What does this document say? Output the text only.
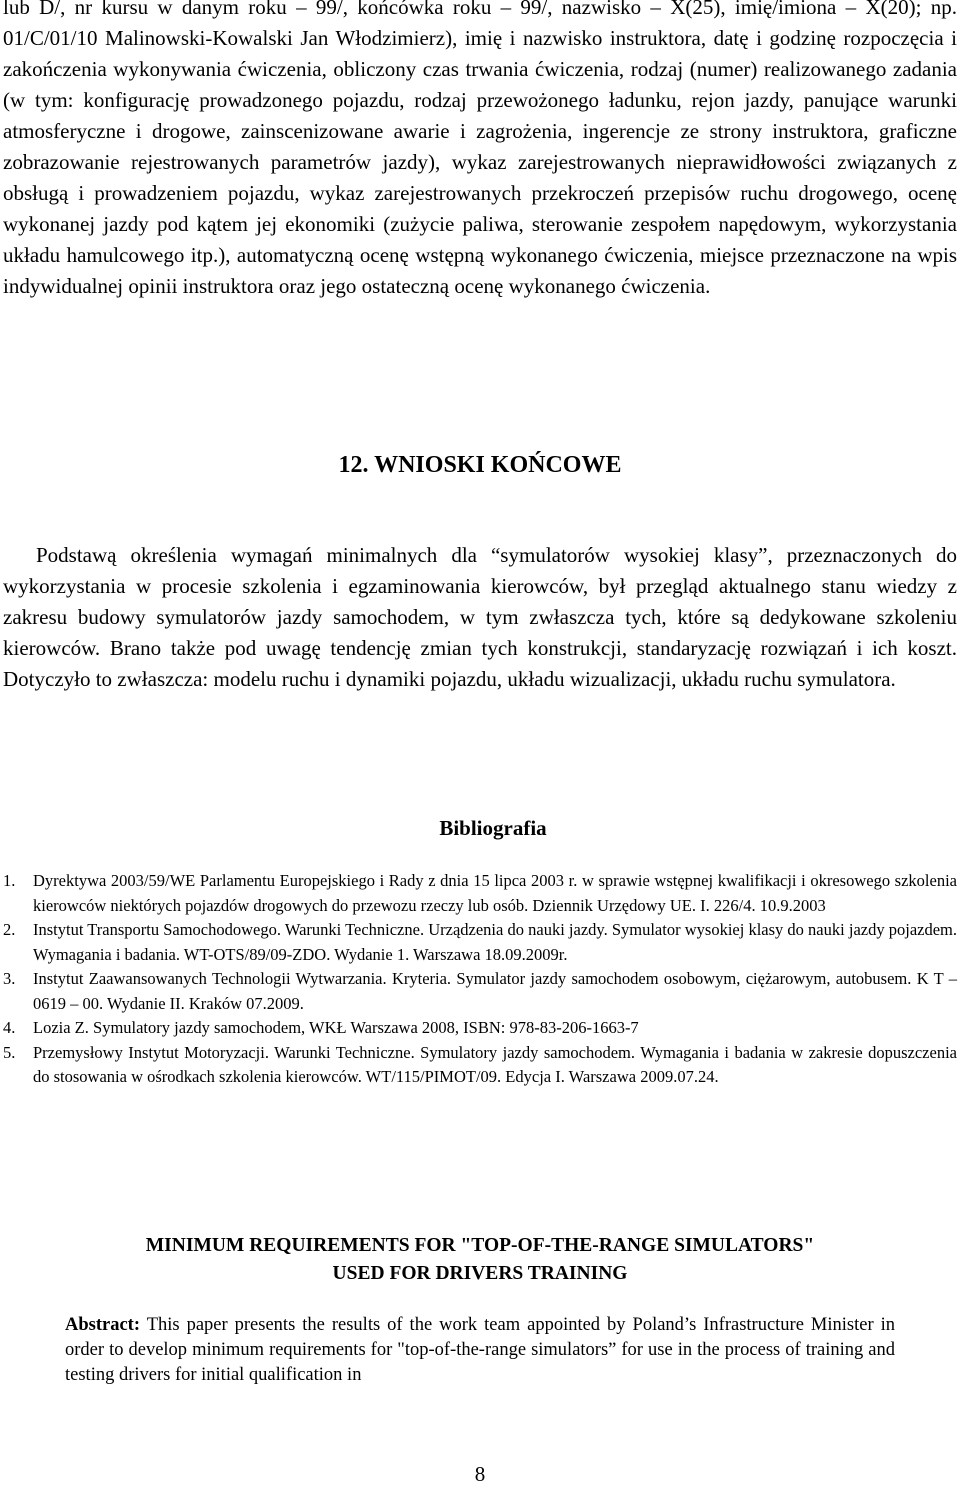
lub D/, nr kursu w danym roku – 99/, końcówka roku – 99/, nazwisko – X(25), imię/imiona – X(20); np. 01/C/01/10 Malinowski-Kowalski Jan Włodzimierz), imię i nazwisko instruktora, datę i godzinę rozpoczęcia i zakończenia wykonywania ćwiczenia, obliczony czas trwania ćwiczenia, rodzaj (numer) realizowanego zadania (w tym: konfigurację prowadzonego pojazdu, rodzaj przewożonego ładunku, rejon jazdy, panujące warunki atmosferyczne i drogowe, zainscenizowane awarie i zagrożenia, ingerencje ze strony instruktora, graficzne zobrazowanie rejestrowanych parametrów jazdy), wykaz zarejestrowanych nieprawidłowości związanych z obsługą i prowadzeniem pojazdu, wykaz zarejestrowanych przekroczeń przepisów ruchu drogowego, ocenę wykonanej jazdy pod kątem jej ekonomiki (zużycie paliwa, sterowanie zespołem napędowym, wykorzystania układu hamulcowego itp.), automatyczną ocenę wstępną wykonanego ćwiczenia, miejsce przeznaczone na wpis indywidualnej opinii instruktora oraz jego ostateczną ocenę wykonanego ćwiczenia.

12. WNIOSKI KOŃCOWE

Podstawą określenia wymagań minimalnych dla “symulatorów wysokiej klasy”, przeznaczonych do wykorzystania w procesie szkolenia i egzaminowania kierowców, był przegląd aktualnego stanu wiedzy z zakresu budowy symulatorów jazdy samochodem, w tym zwłaszcza tych, które są dedykowane szkoleniu kierowców. Brano także pod uwagę tendencję zmian tych konstrukcji, standaryzację rozwiązań i ich koszt. Dotyczyło to zwłaszcza: modelu ruchu i dynamiki pojazdu, układu wizualizacji, układu ruchu symulatora.

Bibliografia
1.	Dyrektywa 2003/59/WE Parlamentu Europejskiego i Rady z dnia 15 lipca 2003 r. w sprawie wstępnej kwalifikacji i okresowego szkolenia kierowców niektórych pojazdów drogowych do przewozu rzeczy lub osób. Dziennik Urzędowy UE. I. 226/4. 10.9.2003
2.	Instytut Transportu Samochodowego. Warunki Techniczne. Urządzenia do nauki jazdy. Symulator wysokiej klasy do nauki jazdy pojazdem. Wymagania i badania. WT-OTS/89/09-ZDO. Wydanie 1. Warszawa 18.09.2009r.
3.	Instytut Zaawansowanych Technologii Wytwarzania. Kryteria. Symulator jazdy samochodem osobowym, ciężarowym, autobusem. K T – 0619 – 00. Wydanie II. Kraków 07.2009.
4.	Lozia Z. Symulatory jazdy samochodem, WKŁ Warszawa 2008, ISBN: 978-83-206-1663-7
5.	Przemysłowy Instytut Motoryzacji. Warunki Techniczne. Symulatory jazdy samochodem. Wymagania i badania w zakresie dopuszczenia do stosowania w ośrodkach szkolenia kierowców. WT/115/PIMOT/09. Edycja I. Warszawa 2009.07.24.
MINIMUM REQUIREMENTS FOR "TOP-OF-THE-RANGE SIMULATORS"
USED FOR DRIVERS TRAINING

Abstract: This paper presents the results of the work team appointed by Poland’s Infrastructure Minister in order to develop minimum requirements for "top-of-the-range simulators” for use in the process of training and testing drivers for initial qualification in

8
